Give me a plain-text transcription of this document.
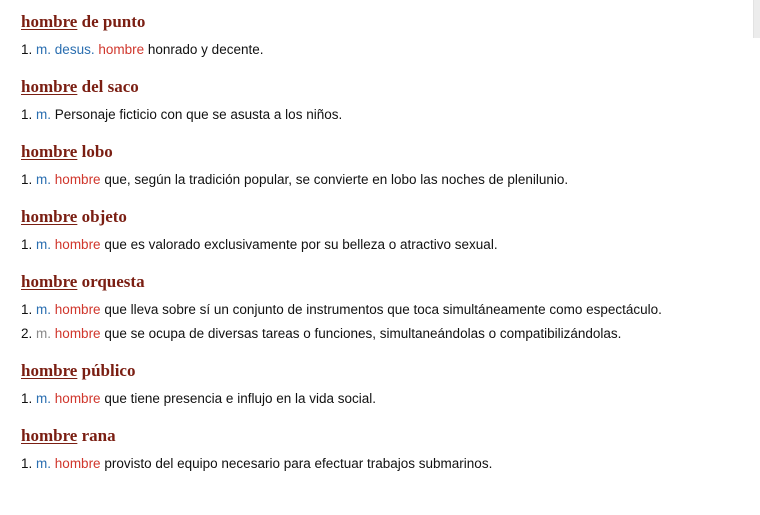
hombre de punto
1. m. desus. hombre honrado y decente.
hombre del saco
1. m. Personaje ficticio con que se asusta a los niños.
hombre lobo
1. m. hombre que, según la tradición popular, se convierte en lobo las noches de plenilunio.
hombre objeto
1. m. hombre que es valorado exclusivamente por su belleza o atractivo sexual.
hombre orquesta
1. m. hombre que lleva sobre sí un conjunto de instrumentos que toca simultáneamente como espectáculo.
2. m. hombre que se ocupa de diversas tareas o funciones, simultaneándolas o compatibilizándolas.
hombre público
1. m. hombre que tiene presencia e influjo en la vida social.
hombre rana
1. m. hombre provisto del equipo necesario para efectuar trabajos submarinos.
